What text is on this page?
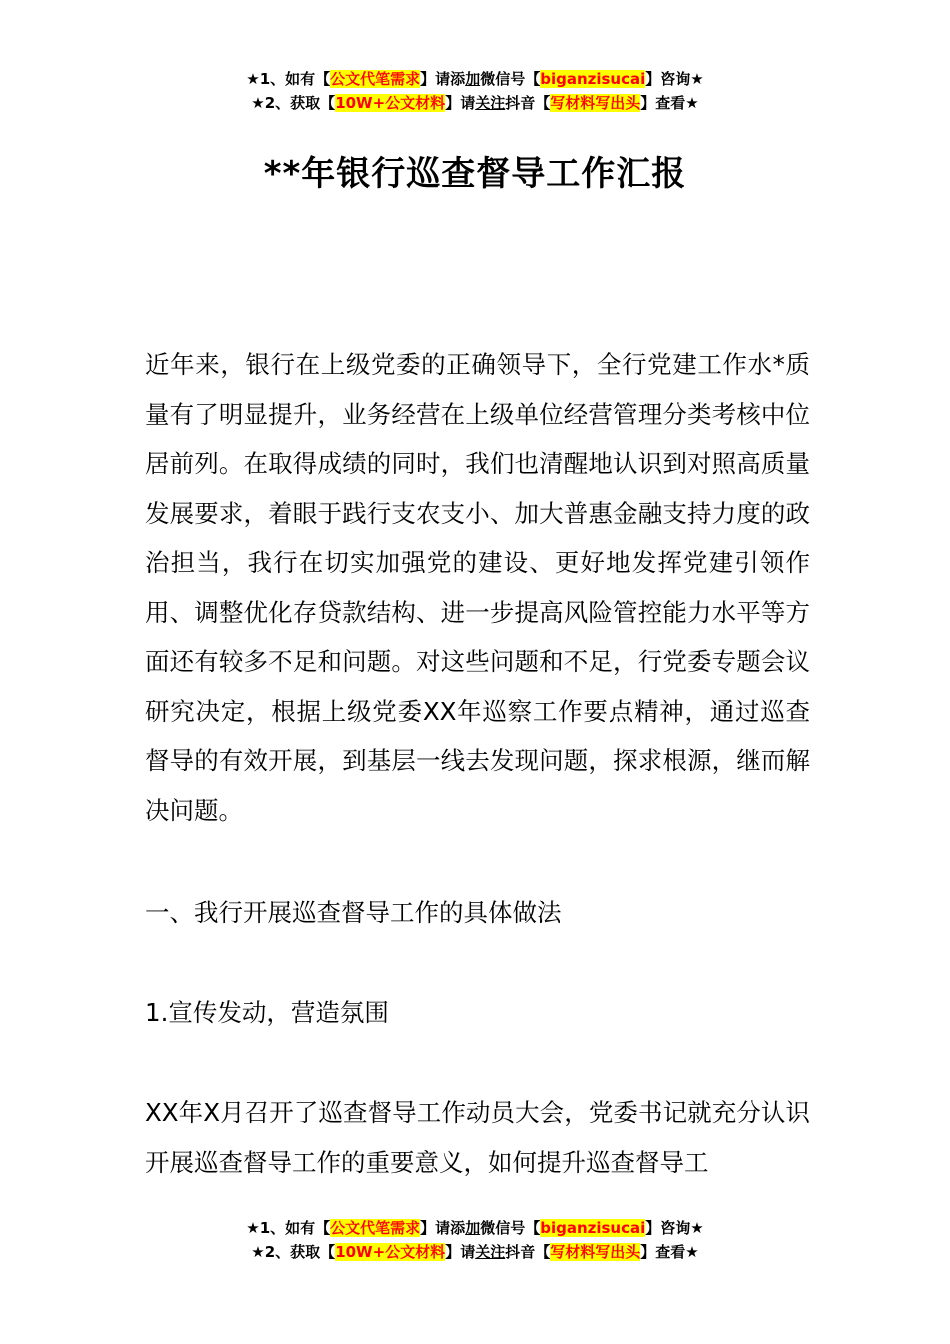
★1、如有【公文代笔需求】请添加微信号【biganzisucai】咨询★
★2、获取【10W+公文材料】请关注抖音【写材料写出头】查看★
**年银行巡查督导工作汇报

近年来，银行在上级党委的正确领导下，全行党建工作水*质量有了明显提升，业务经营在上级单位经营管理分类考核中位居前列。在取得成绩的同时，我们也清醒地认识到对照高质量发展要求，着眼于践行支农支小、加大普惠金融支持力度的政治担当，我行在切实加强党的建设、更好地发挥党建引领作用、调整优化存贷款结构、进一步提高风险管控能力水平等方面还有较多不足和问题。对这些问题和不足，行党委专题会议研究决定，根据上级党委XX年巡察工作要点精神，通过巡查督导的有效开展，到基层一线去发现问题，探求根源，继而解决问题。

一、我行开展巡查督导工作的具体做法
1.宣传发动，营造氛围

XX年X月召开了巡查督导工作动员大会，党委书记就充分认识开展巡查督导工作的重要意义，如何提升巡查督导工

★1、如有【公文代笔需求】请添加微信号【biganzisucai】咨询★
★2、获取【10W+公文材料】请关注抖音【写材料写出头】查看★
